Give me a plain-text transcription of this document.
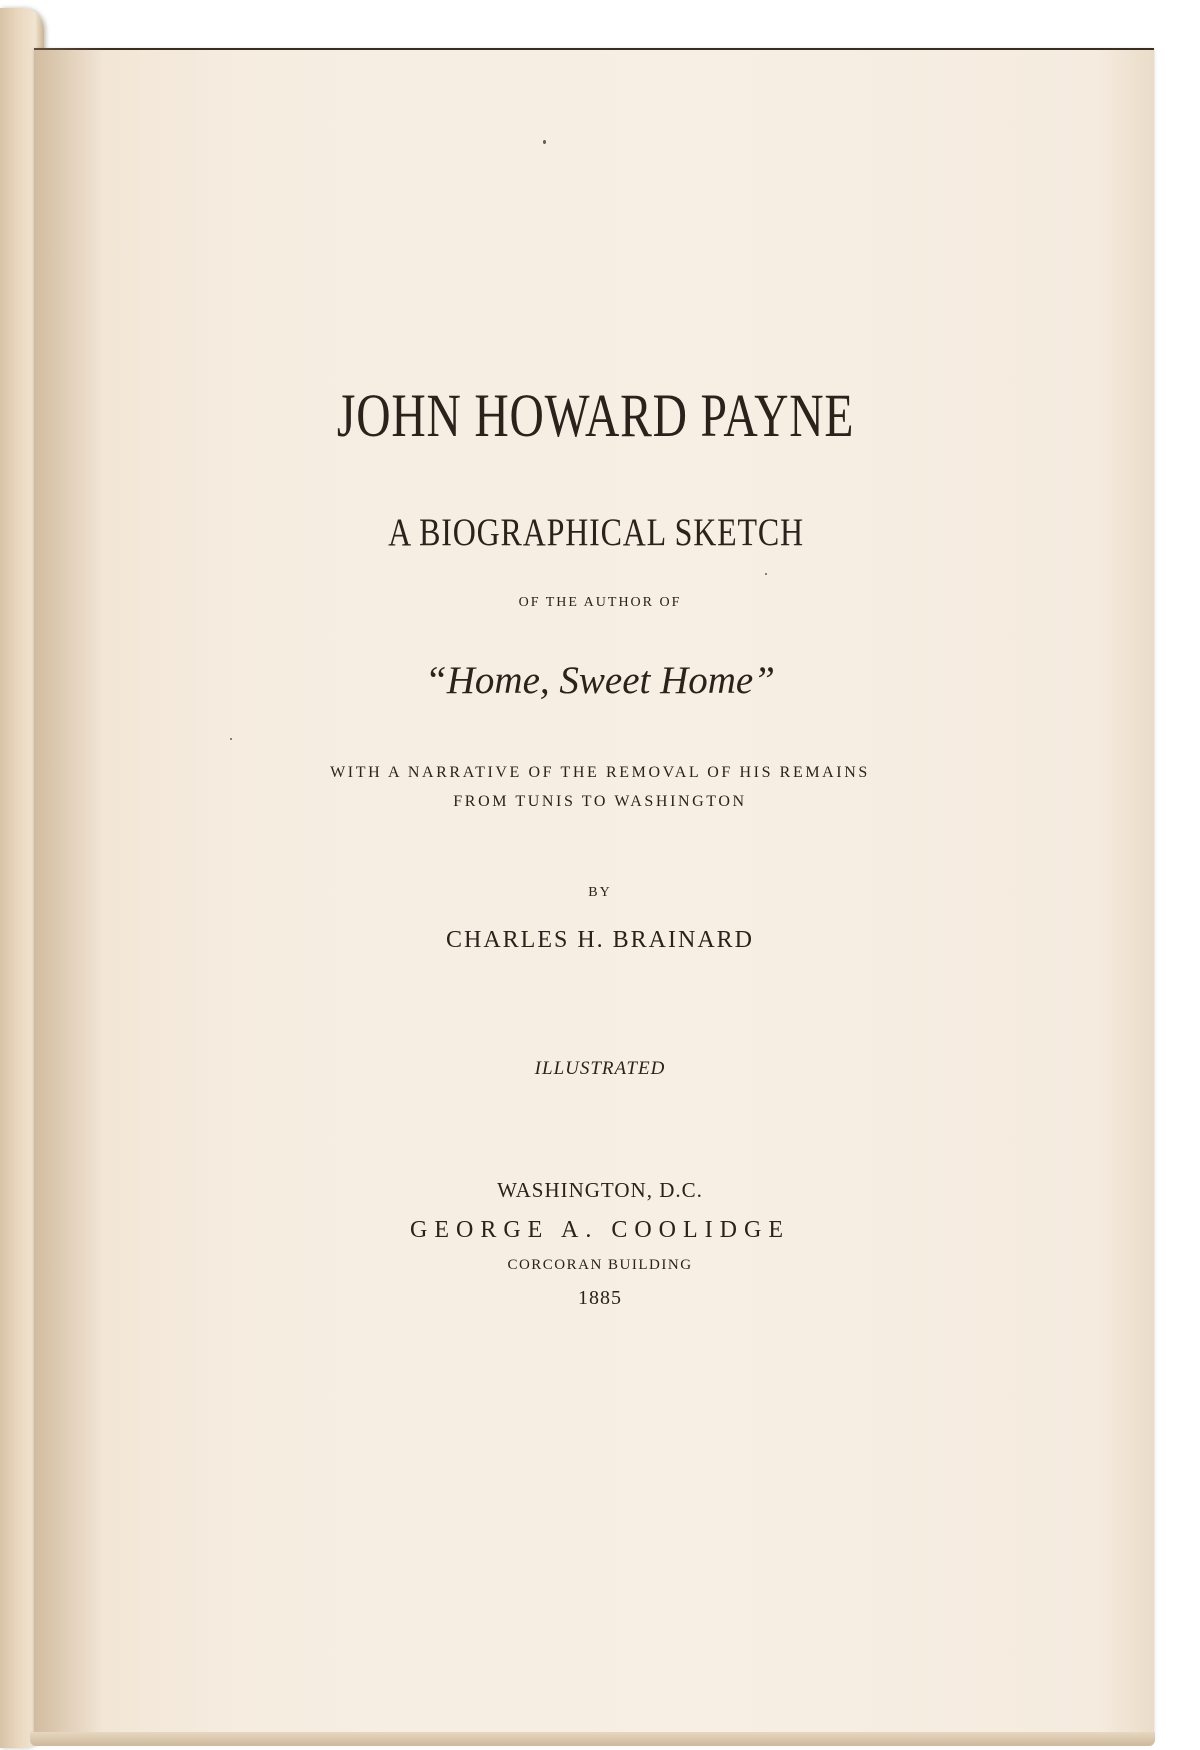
JOHN HOWARD PAYNE
A BIOGRAPHICAL SKETCH
OF THE AUTHOR OF
“Home, Sweet Home”
WITH A NARRATIVE OF THE REMOVAL OF HIS REMAINS
FROM TUNIS TO WASHINGTON
BY
CHARLES H. BRAINARD
ILLUSTRATED
WASHINGTON, D.C.
GEORGE A. COOLIDGE
CORCORAN BUILDING
1885
